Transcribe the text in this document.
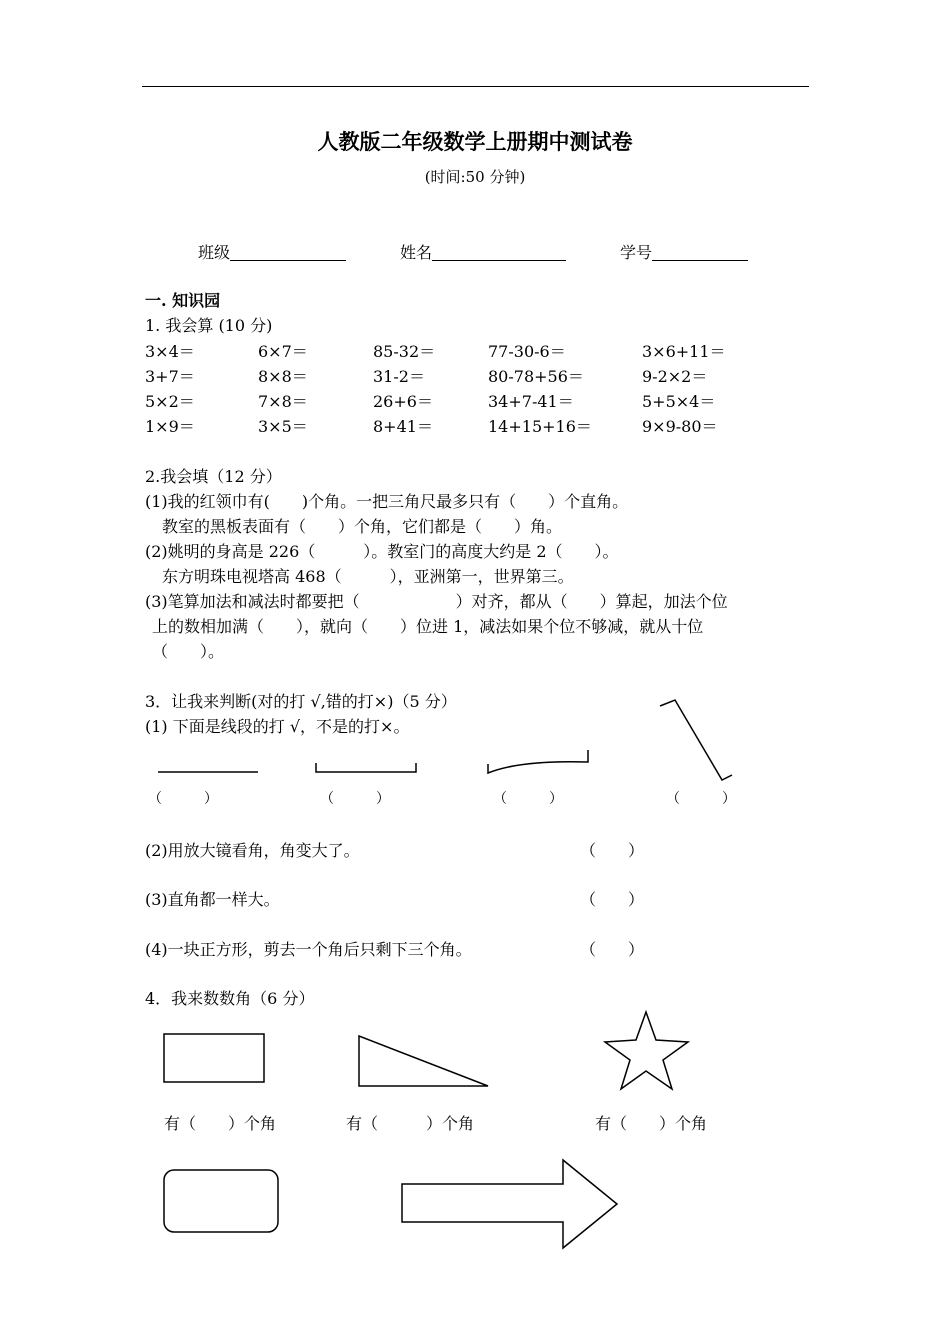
人教版二年级数学上册期中测试卷
(时间:50 分钟)
班级	姓名	学号
一. 知识园
1. 我会算 (10 分)
3×4＝	6×7＝	85-32＝	77-30-6＝	3×6+11＝
3+7＝	8×8＝	31-2＝	80-78+56＝	9-2×2＝
5×2＝	7×8＝	26+6＝	34+7-41＝	5+5×4＝
1×9＝	3×5＝	8+41＝	14+15+16＝	9×9-80＝
2.我会填（12 分）
(1)我的红领巾有(　　)个角。一把三角尺最多只有（　　）个直角。
教室的黑板表面有（　　）个角，它们都是（　　）角。
(2)姚明的身高是 226（　　　）。教室门的高度大约是 2（　　）。
东方明珠电视塔高 468（　　　），亚洲第一，世界第三。
(3)笔算加法和减法时都要把（　　　　　　）对齐，都从（　　）算起，加法个位
上的数相加满（　　），就向（　　）位进 1，减法如果个位不够减，就从十位
（　　）。
3．让我来判断(对的打 √,错的打×)（5 分）
(1) 下面是线段的打 √，不是的打×。
（　　　）	（　　　）	（　　　）	（　　　）
(2)用放大镜看角，角变大了。	（　　）
(3)直角都一样大。	（　　）
(4)一块正方形，剪去一个角后只剩下三个角。	（　　）
4．我来数数角（6 分）
有（　　）个角	有（　　　）个角	有（　　）个角
